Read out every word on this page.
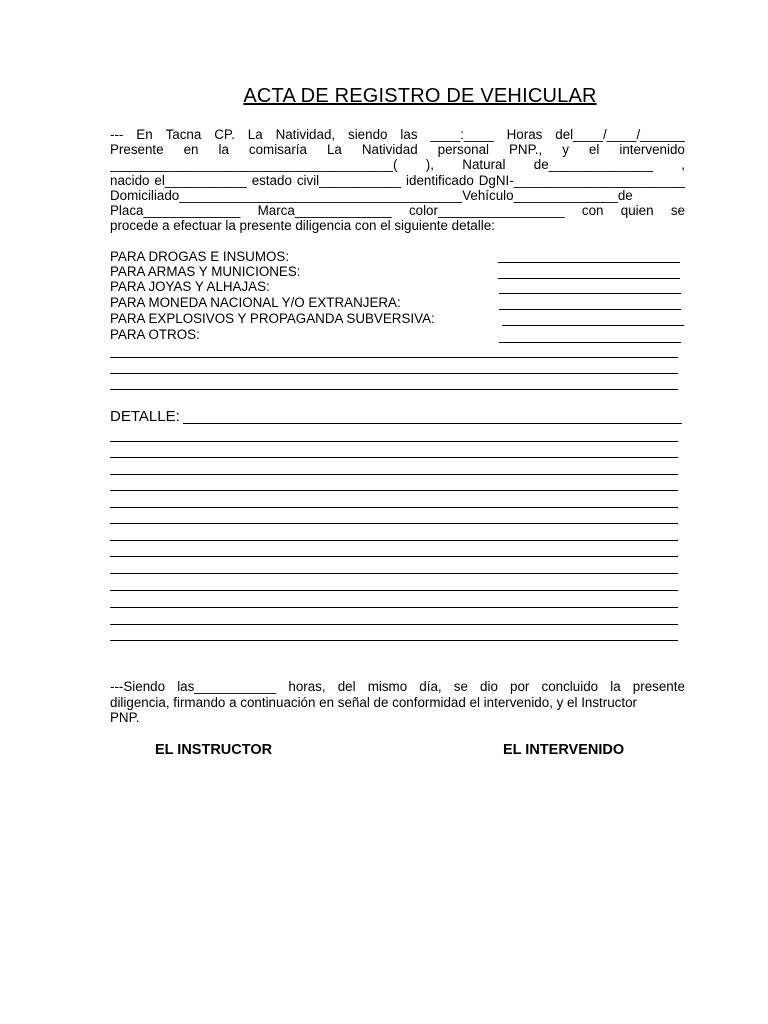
ACTA DE REGISTRO DE VEHICULAR
--- En Tacna CP. La Natividad, siendo las ____:____ Horas del____/____/______
Presente en la comisaría La Natividad personal PNP., y el intervenido
______________________________________( ), Natural de______________ ,
nacido el___________ estado civil___________ identificado DgNI-_______________________
Domiciliado______________________________________Vehículo______________de
Placa_____________ Marca_____________ color_________________ con quien se
procede a efectuar la presente diligencia con el siguiente detalle:
PARA DROGAS E INSUMOS:
PARA ARMAS Y MUNICIONES:
PARA JOYAS Y ALHAJAS:
PARA MONEDA NACIONAL Y/O EXTRANJERA:
PARA EXPLOSIVOS Y PROPAGANDA SUBVERSIVA:
PARA OTROS:
DETALLE:
---Siendo las___________ horas, del mismo día, se dio por concluido la presente
diligencia, firmando a continuación en señal de conformidad el intervenido, y el Instructor
PNP.
EL INSTRUCTOR	EL INTERVENIDO
